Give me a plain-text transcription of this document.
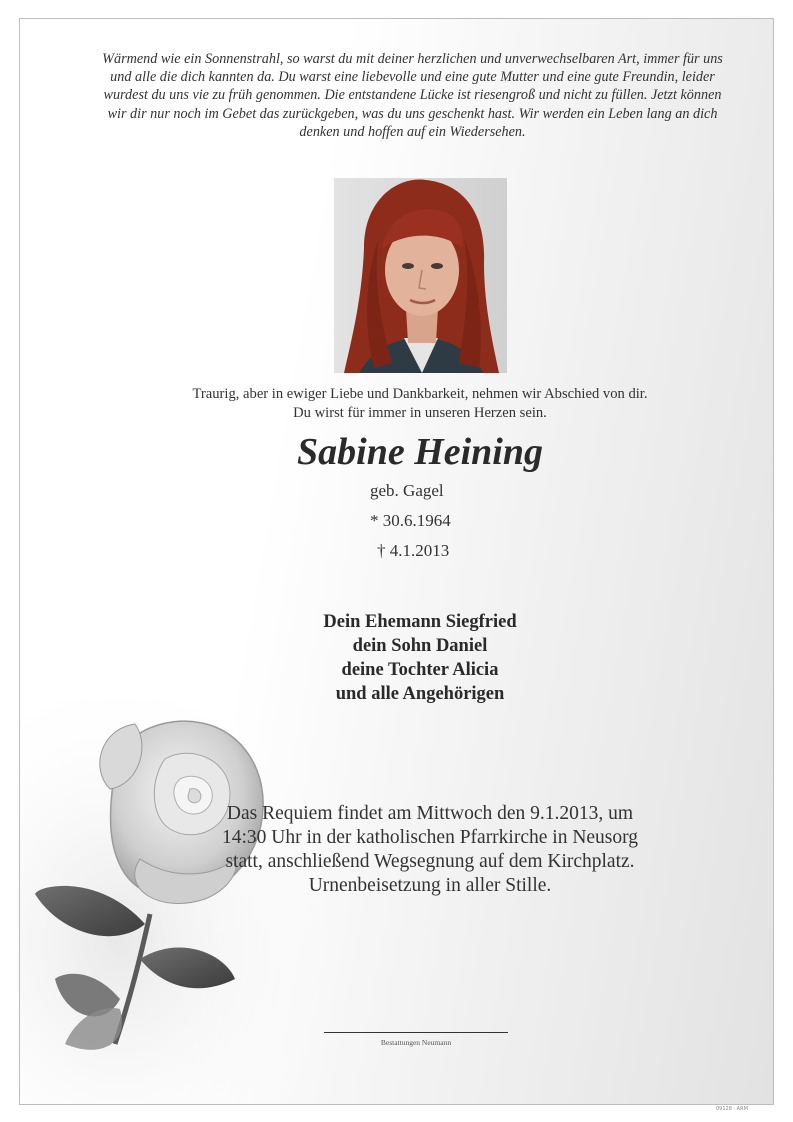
Wärmend wie ein Sonnenstrahl, so warst du mit deiner herzlichen und unverwechselbaren Art, immer für uns und alle die dich kannten da. Du warst eine liebevolle und eine gute Mutter und eine gute Freundin, leider wurdest du uns vie zu früh genommen. Die entstandene Lücke ist riesengroß und nicht zu füllen. Jetzt können wir dir nur noch im Gebet das zurückgeben, was du uns geschenkt hast. Wir werden ein Leben lang an dich denken und hoffen auf ein Wiedersehen.
Traurig, aber in ewiger Liebe und Dankbarkeit, nehmen wir Abschied von dir. Du wirst für immer in unseren Herzen sein.
Sabine Heining
geb. Gagel
* 30.6.1964
† 4.1.2013
Dein Ehemann Siegfried
dein Sohn Daniel
deine Tochter Alicia
und alle Angehörigen
Das Requiem findet am Mittwoch den 9.1.2013, um
14:30 Uhr in der katholischen Pfarrkirche in Neusorg
statt, anschließend Wegsegnung auf dem Kirchplatz.
Urnenbeisetzung in aller Stille.
Bestattungen Neumann
09128 · ARM
